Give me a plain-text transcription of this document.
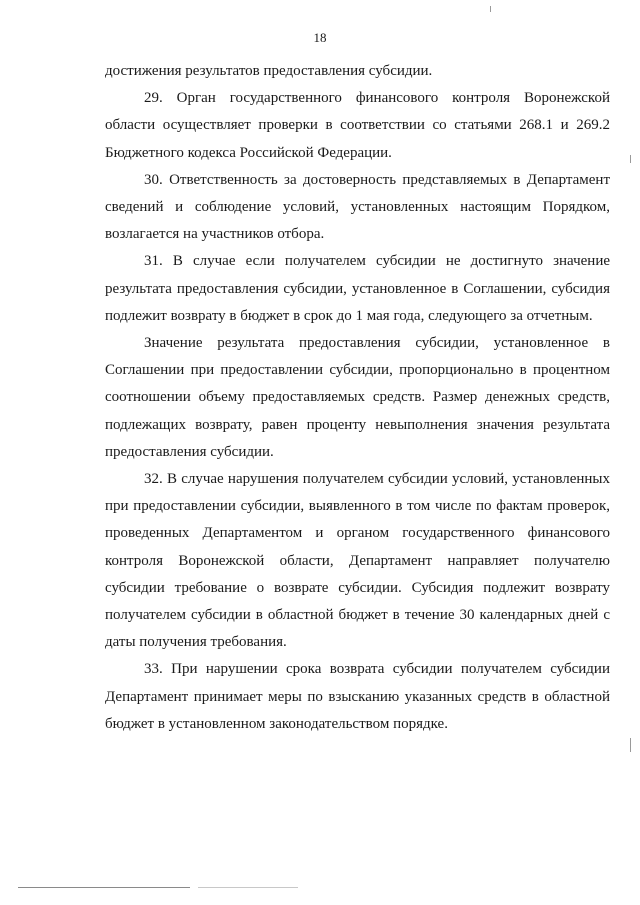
18

достижения результатов предоставления субсидии.

29. Орган государственного финансового контроля Воронежской области осуществляет проверки в соответствии со статьями 268.1 и 269.2 Бюджетного кодекса Российской Федерации.

30. Ответственность за достоверность представляемых в Департамент сведений и соблюдение условий, установленных настоящим Порядком, возлагается на участников отбора.

31. В случае если получателем субсидии не достигнуто значение результата предоставления субсидии, установленное в Соглашении, субсидия подлежит возврату в бюджет в срок до 1 мая года, следующего за отчетным.

Значение результата предоставления субсидии, установленное в Соглашении при предоставлении субсидии, пропорционально в процентном соотношении объему предоставляемых средств. Размер денежных средств, подлежащих возврату, равен проценту невыполнения значения результата предоставления субсидии.

32. В случае нарушения получателем субсидии условий, установленных при предоставлении субсидии, выявленного в том числе по фактам проверок, проведенных Департаментом и органом государственного финансового контроля Воронежской области, Департамент направляет получателю субсидии требование о возврате субсидии. Субсидия подлежит возврату получателем субсидии в областной бюджет в течение 30 календарных дней с даты получения требования.

33. При нарушении срока возврата субсидии получателем субсидии Департамент принимает меры по взысканию указанных средств в областной бюджет в установленном законодательством порядке.
